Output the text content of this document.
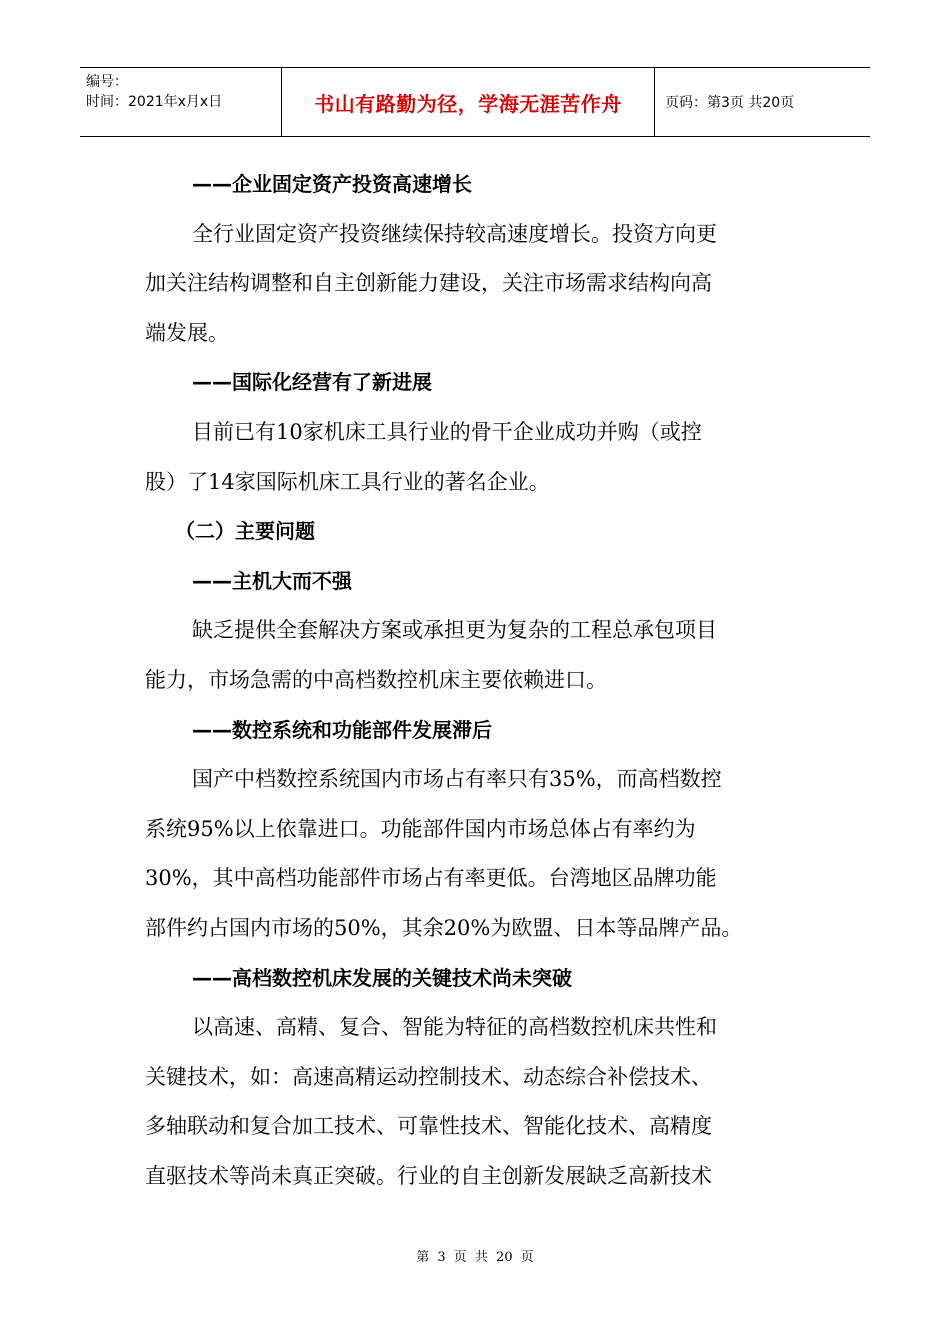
编号：
时间：2021年x月x日	书山有路勤为径，学海无涯苦作舟	页码：第3页 共20页
——企业固定资产投资高速增长
全行业固定资产投资继续保持较高速度增长。投资方向更
加关注结构调整和自主创新能力建设，关注市场需求结构向高
端发展。
——国际化经营有了新进展
目前已有10家机床工具行业的骨干企业成功并购（或控
股）了14家国际机床工具行业的著名企业。
（二）主要问题
——主机大而不强
缺乏提供全套解决方案或承担更为复杂的工程总承包项目
能力，市场急需的中高档数控机床主要依赖进口。
——数控系统和功能部件发展滞后
国产中档数控系统国内市场占有率只有35%，而高档数控
系统95%以上依靠进口。功能部件国内市场总体占有率约为
30%，其中高档功能部件市场占有率更低。台湾地区品牌功能
部件约占国内市场的50%，其余20%为欧盟、日本等品牌产品。
——高档数控机床发展的关键技术尚未突破
以高速、高精、复合、智能为特征的高档数控机床共性和
关键技术，如：高速高精运动控制技术、动态综合补偿技术、
多轴联动和复合加工技术、可靠性技术、智能化技术、高精度
直驱技术等尚未真正突破。行业的自主创新发展缺乏高新技术
第 3 页 共 20 页
